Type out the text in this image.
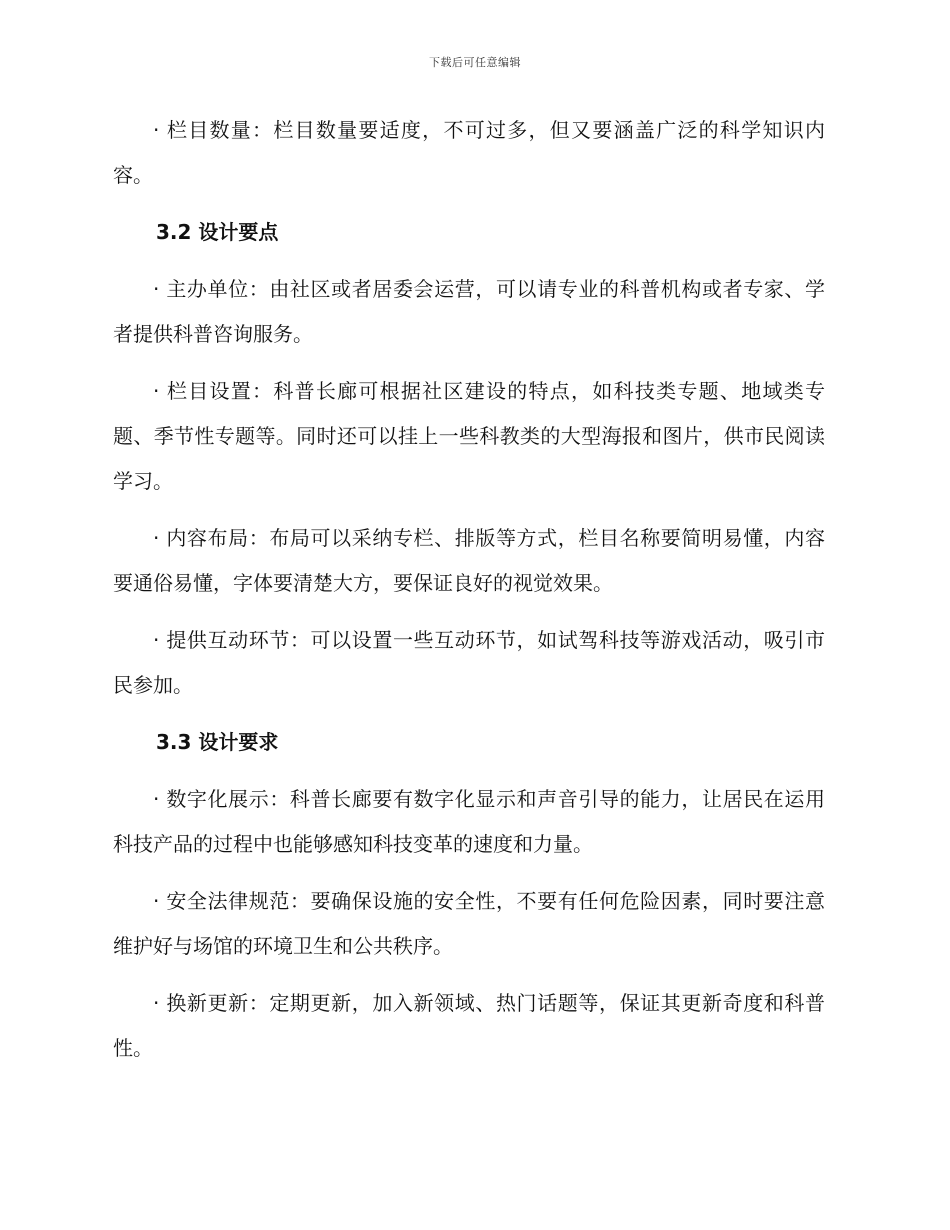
下载后可任意编辑

· 栏目数量：栏目数量要适度，不可过多，但又要涵盖广泛的科学知识内容。

3.2 设计要点

· 主办单位：由社区或者居委会运营，可以请专业的科普机构或者专家、学者提供科普咨询服务。

· 栏目设置：科普长廊可根据社区建设的特点，如科技类专题、地域类专题、季节性专题等。同时还可以挂上一些科教类的大型海报和图片，供市民阅读学习。

· 内容布局：布局可以采纳专栏、排版等方式，栏目名称要简明易懂，内容要通俗易懂，字体要清楚大方，要保证良好的视觉效果。

· 提供互动环节：可以设置一些互动环节，如试驾科技等游戏活动，吸引市民参加。

3.3 设计要求

· 数字化展示：科普长廊要有数字化显示和声音引导的能力，让居民在运用科技产品的过程中也能够感知科技变革的速度和力量。

· 安全法律规范：要确保设施的安全性，不要有任何危险因素，同时要注意维护好与场馆的环境卫生和公共秩序。

· 换新更新：定期更新，加入新领域、热门话题等，保证其更新奇度和科普性。
